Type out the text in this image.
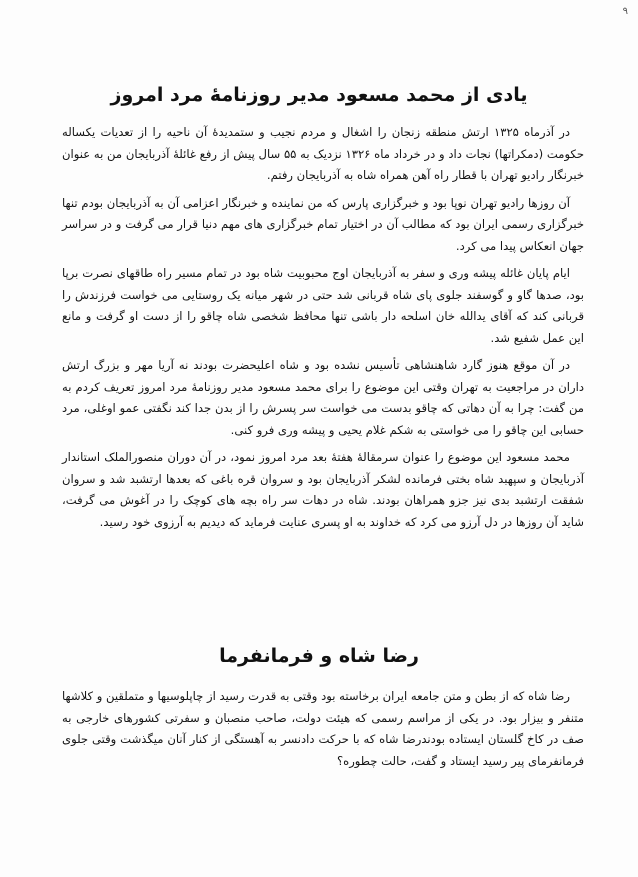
۹
یادی از محمد مسعود مدیر روزنامهٔ مرد امروز

در آذرماه ۱۳۲۵ ارتش منطقه زنجان را اشغال و مردم نجیب و ستمدیدهٔ آن ناحیه را از تعدیات یکساله حکومت (دمکراتها) نجات داد و در خرداد ماه ۱۳۲۶ نزدیک به ۵۵ سال پیش از رفع غائلهٔ آذربایجان من به عنوان خبرنگار رادیو تهران با قطار راه آهن همراه شاه به آذربایجان رفتم.

آن روزها رادیو تهران نوپا بود و خبرگزاری پارس که من نماینده و خبرنگار اعزامی آن به آذربایجان بودم تنها خبرگزاری رسمی ایران بود که مطالب آن در اختیار تمام خبرگزاری های مهم دنیا قرار می گرفت و در سراسر جهان انعکاس پیدا می کرد.

ایام پایان غائله پیشه وری و سفر به آذربایجان اوج محبوبیت شاه بود در تمام مسیر راه طاقهای نصرت برپا بود، صدها گاو و گوسفند جلوی پای شاه قربانی شد حتی در شهر میانه یک روستایی می خواست فرزندش را قربانی کند که آقای یدالله خان اسلحه دار باشی تنها محافظ شخصی شاه چاقو را از دست او گرفت و مانع این عمل شفیع شد.

در آن موقع هنوز گارد شاهنشاهی تأسیس نشده بود و شاه اعلیحضرت بودند نه آریا مهر و بزرگ ارتش داران در مراجعیت به تهران وقتی این موضوع را برای محمد مسعود مدیر روزنامهٔ مرد امروز تعریف کردم به من گفت: چرا به آن دهاتی که چاقو بدست می خواست سر پسرش را از بدن جدا کند نگفتی عمو اوغلی، مرد حسابی این چاقو را می خواستی به شکم غلام یحیی و پیشه وری فرو کنی.

محمد مسعود این موضوع را عنوان سرمقالهٔ هفتهٔ بعد مرد امروز نمود، در آن دوران منصورالملک استاندار آذربایجان و سپهبد شاه بختی فرمانده لشکر آذربایجان بود و سروان قره باغی که بعدها ارتشبد شد و سروان شفقت ارتشبد بدی نیز جزو همراهان بودند. شاه در دهات سر راه بچه های کوچک را در آغوش می گرفت، شاید آن روزها در دل آرزو می کرد که خداوند به او پسری عنایت فرماید که دیدیم به آرزوی خود رسید.

رضا شاه و فرمانفرما

رضا شاه که از بطن و متن جامعه ایران برخاسته بود وقتی به قدرت رسید از چاپلوسیها و متملقین و کلاشها متنفر و بیزار بود. در یکی از مراسم رسمی که هیئت دولت، صاحب منصبان و سفرتی کشورهای خارجی به صف در کاخ گلستان ایستاده بودندرضا شاه که با حرکت دادنسر به آهستگی از کنار آنان میگذشت وقتی جلوی فرمانفرمای پیر رسید ایستاد و گفت، حالت چطوره؟
